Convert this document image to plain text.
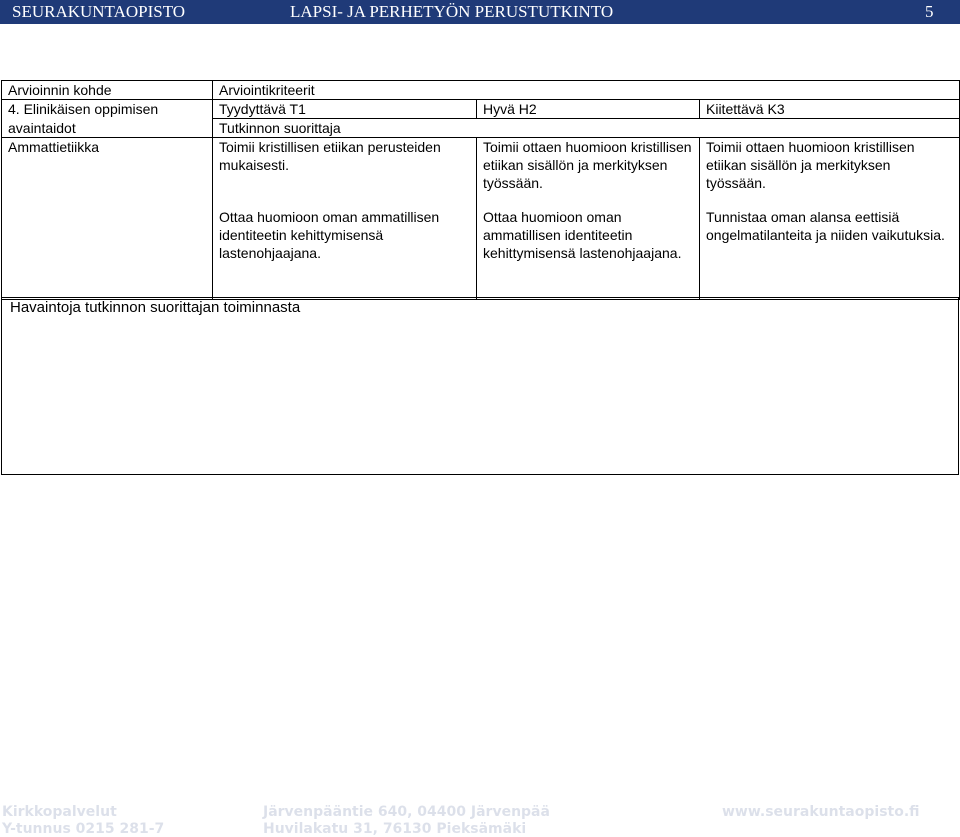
SEURAKUNTAOPISTO	LAPSI- JA PERHETYÖN PERUSTUTKINTO	5
Arvioinnin kohde	Arviointikriteerit		
4. Elinikäisen oppimisen	Tyydyttävä T1	Hyvä H2	Kiitettävä K3
avaintaidot	Tutkinnon suorittaja		
Ammattietiikka	Toimii kristillisen etiikan perusteiden mukaisesti.	Toimii ottaen huomioon kristillisen etiikan sisällön ja merkityksen työssään.	Toimii ottaen huomioon kristillisen etiikan sisällön ja merkityksen työssään.
	Ottaa huomioon oman ammatillisen identiteetin kehittymisensä lastenohjaajana.	Ottaa huomioon oman ammatillisen identiteetin kehittymisensä lastenohjaajana.	Tunnistaa oman alansa eettisiä ongelmatilanteita ja niiden vaikutuksia.
Havaintoja tutkinnon suorittajan toiminnasta
Kirkkopalvelut
Y-tunnus 0215 281-7
Järvenpääntie 640, 04400 Järvenpää
Huvilakatu 31, 76130 Pieksämäki
www.seurakuntaopisto.fi
